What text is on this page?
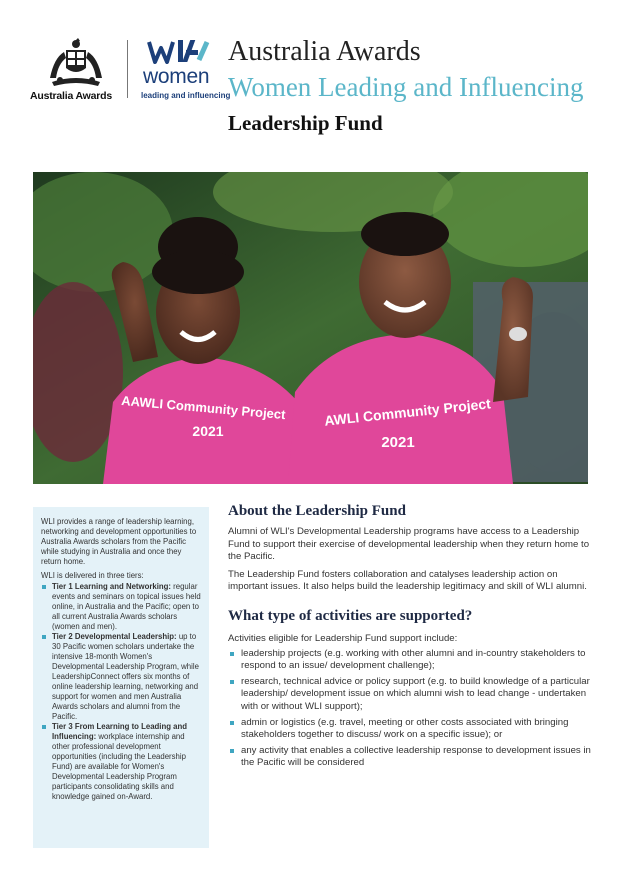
Australia Awards
women
leading and influencing
Australia Awards
Women Leading and Influencing
Leadership Fund
AAWLI Community Project
2021
AWLI Community Project
2021

WLI provides a range of leadership learning, networking and development opportunities to Australia Awards scholars from the Pacific while studying in Australia and once they return home.

WLI is delivered in three tiers:

Tier 1 Learning and Networking: regular events and seminars on topical issues held online, in Australia and the Pacific; open to all current Australia Awards scholars (women and men).
Tier 2 Developmental Leadership: up to 30 Pacific women scholars undertake the intensive 18-month Women's Developmental Leadership Program, while LeadershipConnect offers six months of online leadership learning, networking and support for women and men Australia Awards scholars and alumni from the Pacific.
Tier 3 From Learning to Leading and Influencing: workplace internship and other professional development opportunities (including the Leadership Fund) are available for Women's Developmental Leadership Program participants consolidating skills and knowledge gained on-Award.
About the Leadership Fund

Alumni of WLI's Developmental Leadership programs have access to a Leadership Fund to support their exercise of developmental leadership when they return home to the Pacific.

The Leadership Fund fosters collaboration and catalyses leadership action on important issues. It also helps build the leadership legitimacy and skill of WLI alumni.

What type of activities are supported?

Activities eligible for Leadership Fund support include:

leadership projects (e.g. working with other alumni and in-country stakeholders to respond to an issue/ development challenge);
research, technical advice or policy support (e.g. to build knowledge of a particular leadership/ development issue on which alumni wish to lead change - undertaken with or without WLI support);
admin or logistics (e.g. travel, meeting or other costs associated with bringing stakeholders together to discuss/ work on a specific issue); or
any activity that enables a collective leadership response to development issues in the Pacific will be considered
